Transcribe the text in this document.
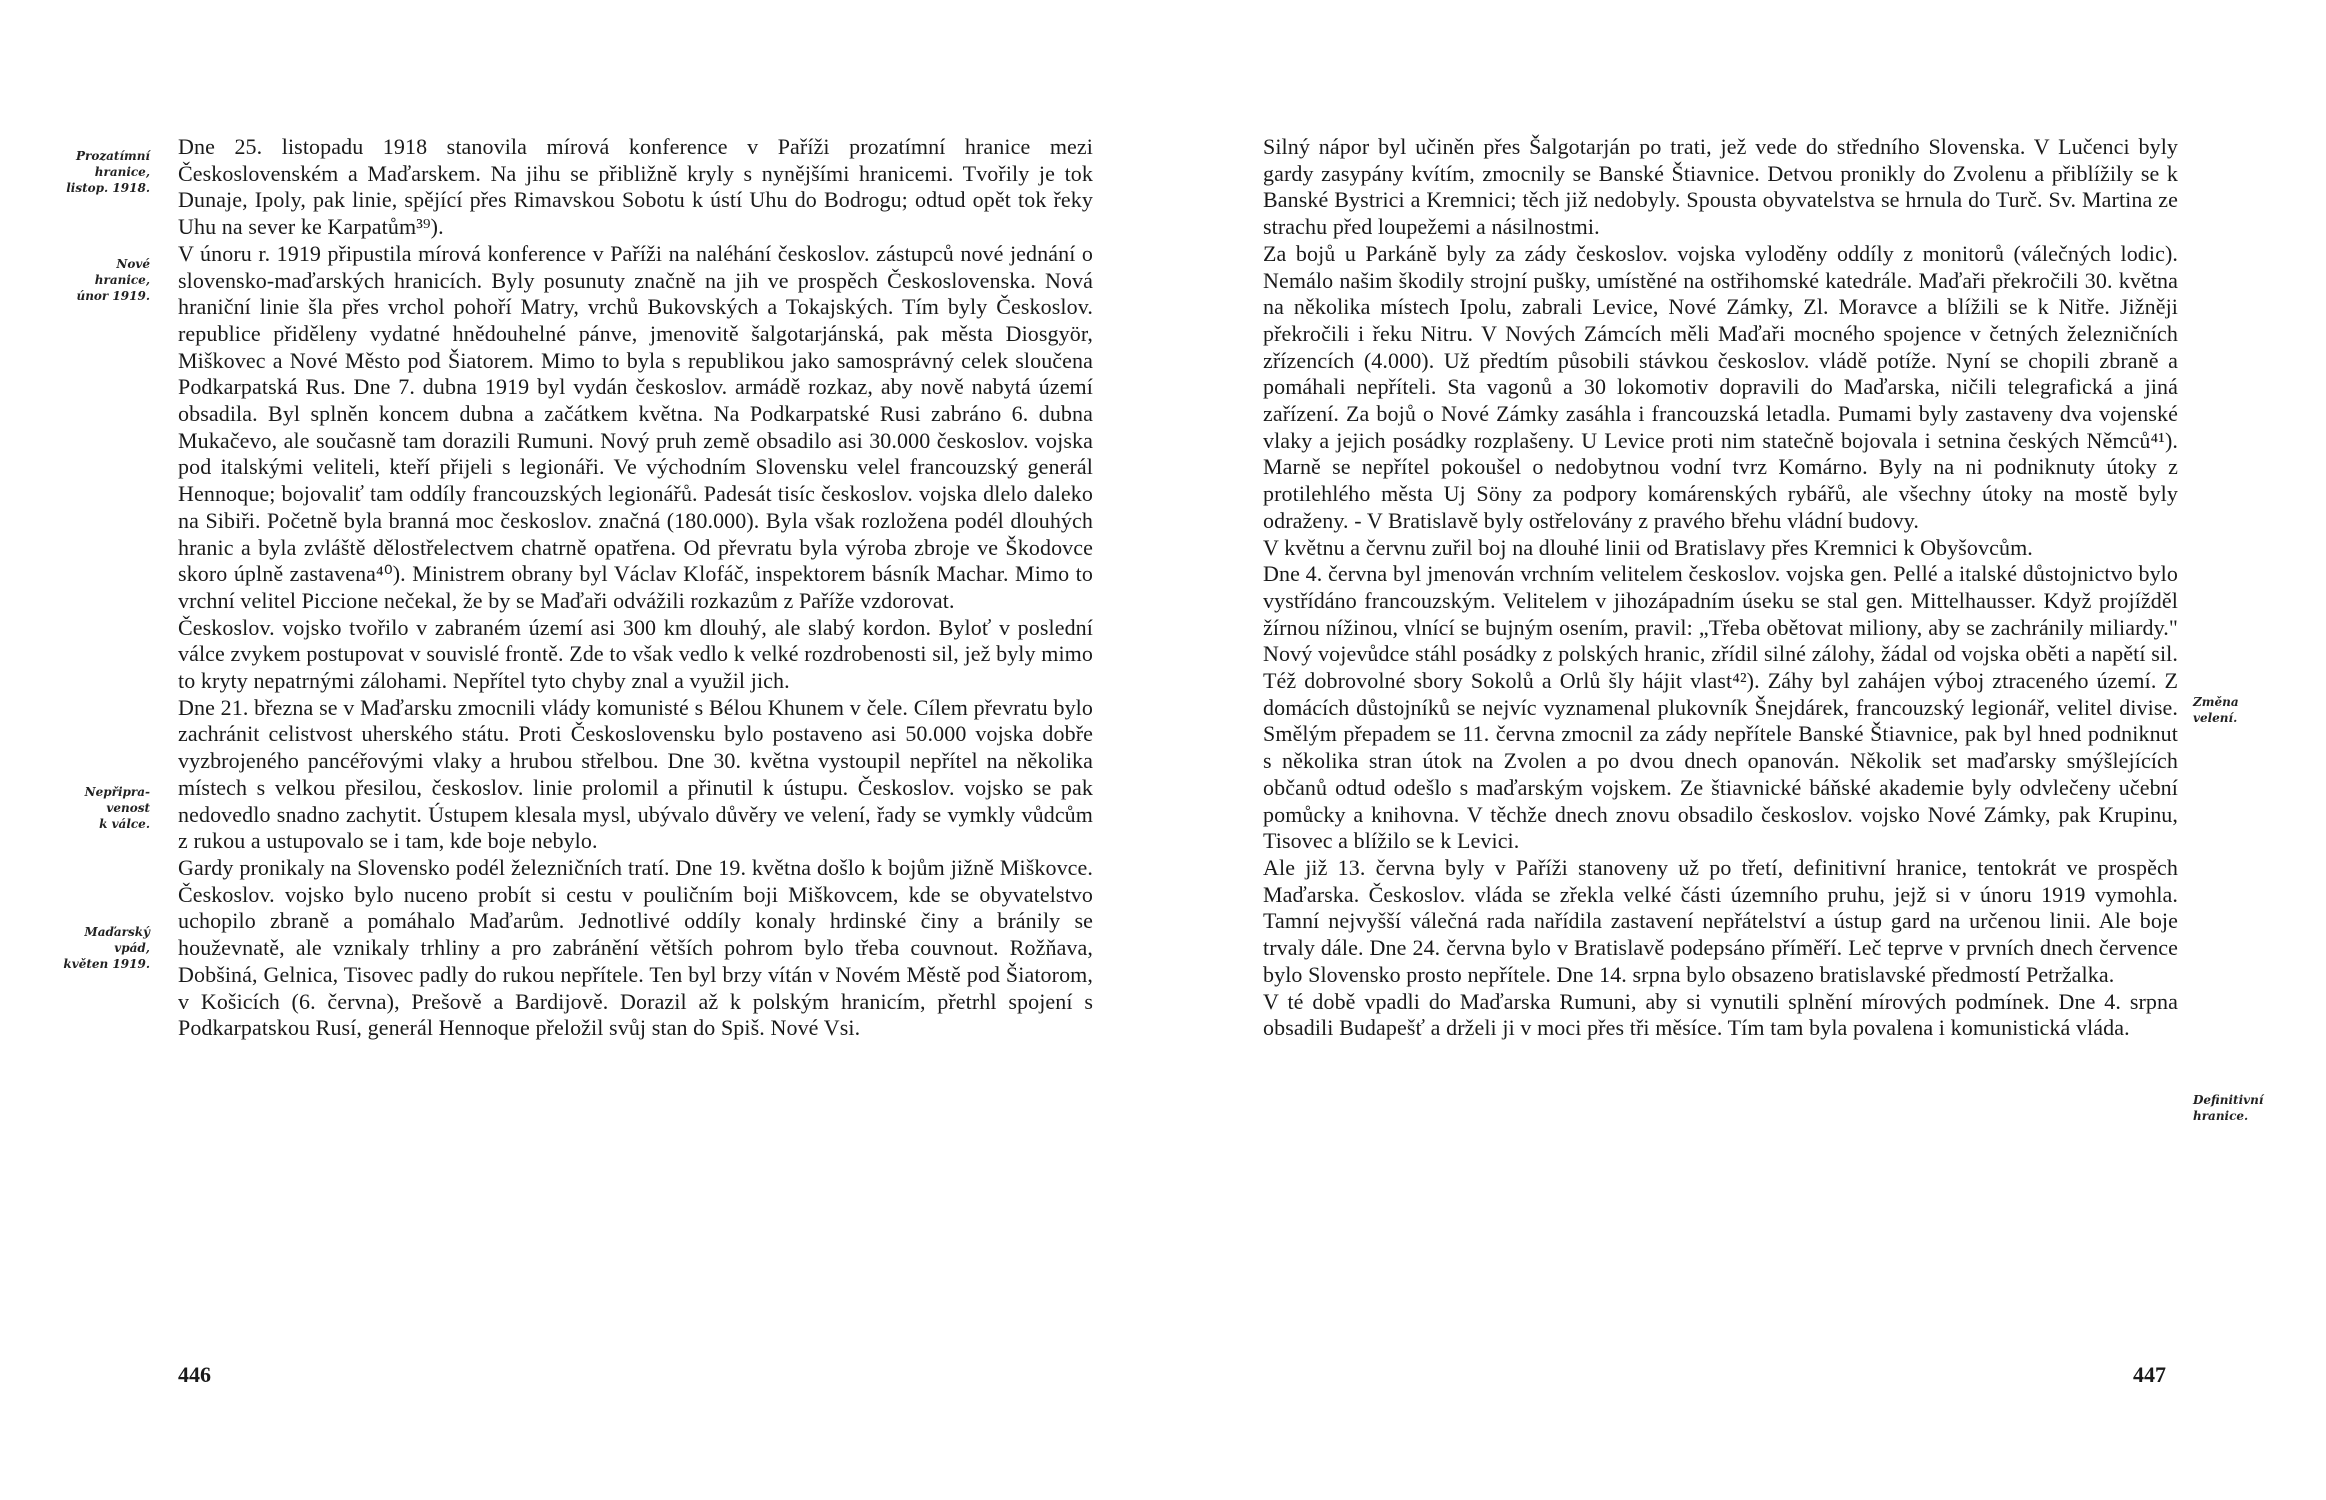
Prozatímní
hranice,
listop. 1918.
Nové
hranice,
únor 1919.
Nepřipra-
venost
k válce.
Maďarský
vpád,
květen 1919.

Dne 25. listopadu 1918 stanovila mírová konference v Paříži prozatímní hranice mezi Československém a Maďarskem. Na jihu se přibližně kryly s nynějšími hranicemi. Tvořily je tok Dunaje, Ipoly, pak linie, spějící přes Rimavskou Sobotu k ústí Uhu do Bodrogu; odtud opět tok řeky Uhu na sever ke Karpatům³⁹).

V únoru r. 1919 připustila mírová konference v Paříži na naléhání českoslov. zástupců nové jednání o slovensko-maďarských hranicích. Byly posunuty značně na jih ve prospěch Československa. Nová hraniční linie šla přes vrchol pohoří Matry, vrchů Bukovských a Tokajských. Tím byly Českoslov. republice přiděleny vydatné hnědouhelné pánve, jmenovitě šalgotarjánská, pak města Diosgyör, Miškovec a Nové Město pod Šiatorem. Mimo to byla s republikou jako samosprávný celek sloučena Podkarpatská Rus. Dne 7. dubna 1919 byl vydán českoslov. armádě rozkaz, aby nově nabytá území obsadila. Byl splněn koncem dubna a začátkem května. Na Podkarpatské Rusi zabráno 6. dubna Mukačevo, ale současně tam dorazili Rumuni. Nový pruh země obsadilo asi 30.000 českoslov. vojska pod italskými veliteli, kteří přijeli s legionáři. Ve východním Slovensku velel francouzský generál Hennoque; bojovaliť tam oddíly francouzských legionářů. Padesát tisíc českoslov. vojska dlelo daleko na Sibiři. Početně byla branná moc českoslov. značná (180.000). Byla však rozložena podél dlouhých hranic a byla zvláště dělostřelectvem chatrně opatřena. Od převratu byla výroba zbroje ve Škodovce skoro úplně zastavena⁴⁰). Ministrem obrany byl Václav Klofáč, inspektorem básník Machar. Mimo to vrchní velitel Piccione nečekal, že by se Maďaři odvážili rozkazům z Paříže vzdorovat.

Českoslov. vojsko tvořilo v zabraném území asi 300 km dlouhý, ale slabý kordon. Byloť v poslední válce zvykem postupovat v souvislé frontě. Zde to však vedlo k velké rozdrobenosti sil, jež byly mimo to kryty nepatrnými zálohami. Nepřítel tyto chyby znal a využil jich.

Dne 21. března se v Maďarsku zmocnili vlády komunisté s Bélou Khunem v čele. Cílem převratu bylo zachránit celistvost uherského státu. Proti Československu bylo postaveno asi 50.000 vojska dobře vyzbrojeného pancéřovými vlaky a hrubou střelbou. Dne 30. května vystoupil nepřítel na několika místech s velkou přesilou, českoslov. linie prolomil a přinutil k ústupu. Českoslov. vojsko se pak nedovedlo snadno zachytit. Ústupem klesala mysl, ubývalo důvěry ve velení, řady se vymkly vůdcům z rukou a ustupovalo se i tam, kde boje nebylo.

Gardy pronikaly na Slovensko podél železničních tratí. Dne 19. května došlo k bojům jižně Miškovce. Českoslov. vojsko bylo nuceno probít si cestu v pouličním boji Miškovcem, kde se obyvatelstvo uchopilo zbraně a pomáhalo Maďarům. Jednotlivé oddíly konaly hrdinské činy a bránily se houževnatě, ale vznikaly trhliny a pro zabránění větších pohrom bylo třeba couvnout. Rožňava, Dobšiná, Gelnica, Tisovec padly do rukou nepřítele. Ten byl brzy vítán v Novém Městě pod Šiatorom, v Košicích (6. června), Prešově a Bardijově. Dorazil až k polským hranicím, přetrhl spojení s Podkarpatskou Rusí, generál Hennoque přeložil svůj stan do Spiš. Nové Vsi.

446

Silný nápor byl učiněn přes Šalgotarján po trati, jež vede do středního Slovenska. V Lučenci byly gardy zasypány kvítím, zmocnily se Banské Štiavnice. Detvou pronikly do Zvolenu a přiblížily se k Banské Bystrici a Kremnici; těch již nedobyly. Spousta obyvatelstva se hrnula do Turč. Sv. Martina ze strachu před loupežemi a násilnostmi.

Za bojů u Parkáně byly za zády českoslov. vojska vyloděny oddíly z monitorů (válečných lodic). Nemálo našim škodily strojní pušky, umístěné na ostřihomské katedrále. Maďaři překročili 30. května na několika místech Ipolu, zabrali Levice, Nové Zámky, Zl. Moravce a blížili se k Nitře. Jižněji překročili i řeku Nitru. V Nových Zámcích měli Maďaři mocného spojence v četných železničních zřízencích (4.000). Už předtím působili stávkou českoslov. vládě potíže. Nyní se chopili zbraně a pomáhali nepříteli. Sta vagonů a 30 lokomotiv dopravili do Maďarska, ničili telegrafická a jiná zařízení. Za bojů o Nové Zámky zasáhla i francouzská letadla. Pumami byly zastaveny dva vojenské vlaky a jejich posádky rozplašeny. U Levice proti nim statečně bojovala i setnina českých Němců⁴¹). Marně se nepřítel pokoušel o nedobytnou vodní tvrz Komárno. Byly na ni podniknuty útoky z protilehlého města Uj Söny za podpory komárenských rybářů, ale všechny útoky na mostě byly odraženy. - V Bratislavě byly ostřelovány z pravého břehu vládní budovy.

V květnu a červnu zuřil boj na dlouhé linii od Bratislavy přes Kremnici k Obyšovcům.

Dne 4. června byl jmenován vrchním velitelem českoslov. vojska gen. Pellé a italské důstojnictvo bylo vystřídáno francouzským. Velitelem v jihozápadním úseku se stal gen. Mittelhausser. Když projížděl žírnou nížinou, vlnící se bujným osením, pravil: „Třeba obětovat miliony, aby se zachránily miliardy." Nový vojevůdce stáhl posádky z polských hranic, zřídil silné zálohy, žádal od vojska oběti a napětí sil. Též dobrovolné sbory Sokolů a Orlů šly hájit vlast⁴²). Záhy byl zahájen výboj ztraceného území. Z domácích důstojníků se nejvíc vyznamenal plukovník Šnejdárek, francouzský legionář, velitel divise. Smělým přepadem se 11. června zmocnil za zády nepřítele Banské Štiavnice, pak byl hned podniknut s několika stran útok na Zvolen a po dvou dnech opanován. Několik set maďarsky smýšlejících občanů odtud odešlo s maďarským vojskem. Ze štiavnické báňské akademie byly odvlečeny učební pomůcky a knihovna. V těchže dnech znovu obsadilo českoslov. vojsko Nové Zámky, pak Krupinu, Tisovec a blížilo se k Levici.

Ale již 13. června byly v Paříži stanoveny už po třetí, definitivní hranice, tentokrát ve prospěch Maďarska. Českoslov. vláda se zřekla velké části územního pruhu, jejž si v únoru 1919 vymohla. Tamní nejvyšší válečná rada nařídila zastavení nepřátelství a ústup gard na určenou linii. Ale boje trvaly dále. Dne 24. června bylo v Bratislavě podepsáno příměří. Leč teprve v prvních dnech července bylo Slovensko prosto nepřítele. Dne 14. srpna bylo obsazeno bratislavské předmostí Petržalka.

V té době vpadli do Maďarska Rumuni, aby si vynutili splnění mírových podmínek. Dne 4. srpna obsadili Budapešť a drželi ji v moci přes tři měsíce. Tím tam byla povalena i komunistická vláda.

Změna
velení.
Definitivní
hranice.
447
